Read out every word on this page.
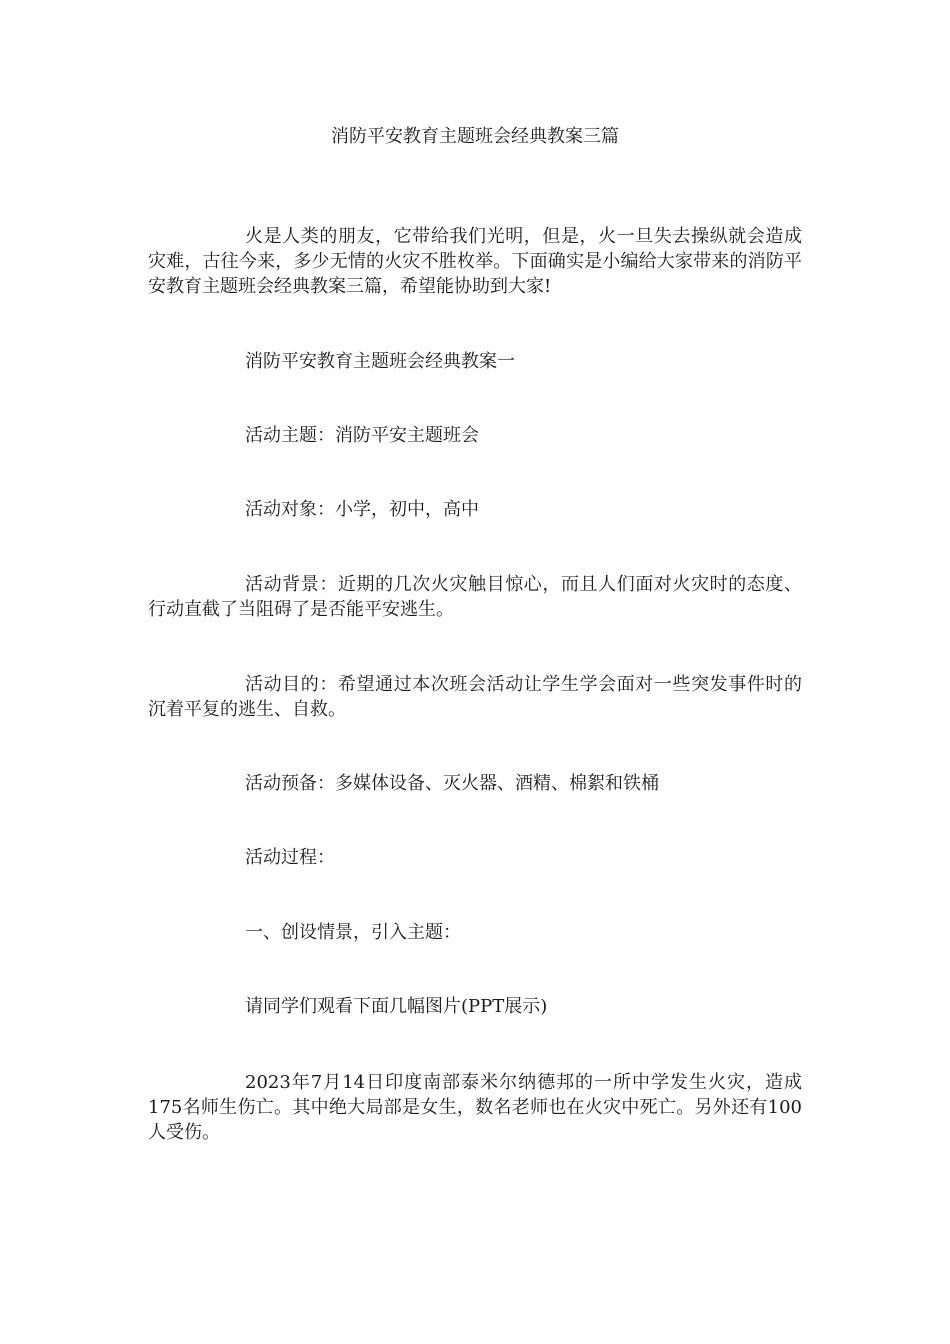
消防平安教育主题班会经典教案三篇

火是人类的朋友，它带给我们光明，但是，火一旦失去操纵就会造成灾难，古往今来，多少无情的火灾不胜枚举。下面确实是小编给大家带来的消防平安教育主题班会经典教案三篇，希望能协助到大家!

消防平安教育主题班会经典教案一

活动主题：消防平安主题班会

活动对象：小学，初中，高中

活动背景：近期的几次火灾触目惊心，而且人们面对火灾时的态度、行动直截了当阻碍了是否能平安逃生。

活动目的：希望通过本次班会活动让学生学会面对一些突发事件时的沉着平复的逃生、自救。

活动预备：多媒体设备、灭火器、酒精、棉絮和铁桶

活动过程：

一、创设情景，引入主题：

请同学们观看下面几幅图片(PPT展示)

2023年7月14日印度南部泰米尔纳德邦的一所中学发生火灾，造成175名师生伤亡。其中绝大局部是女生，数名老师也在火灾中死亡。另外还有100人受伤。
